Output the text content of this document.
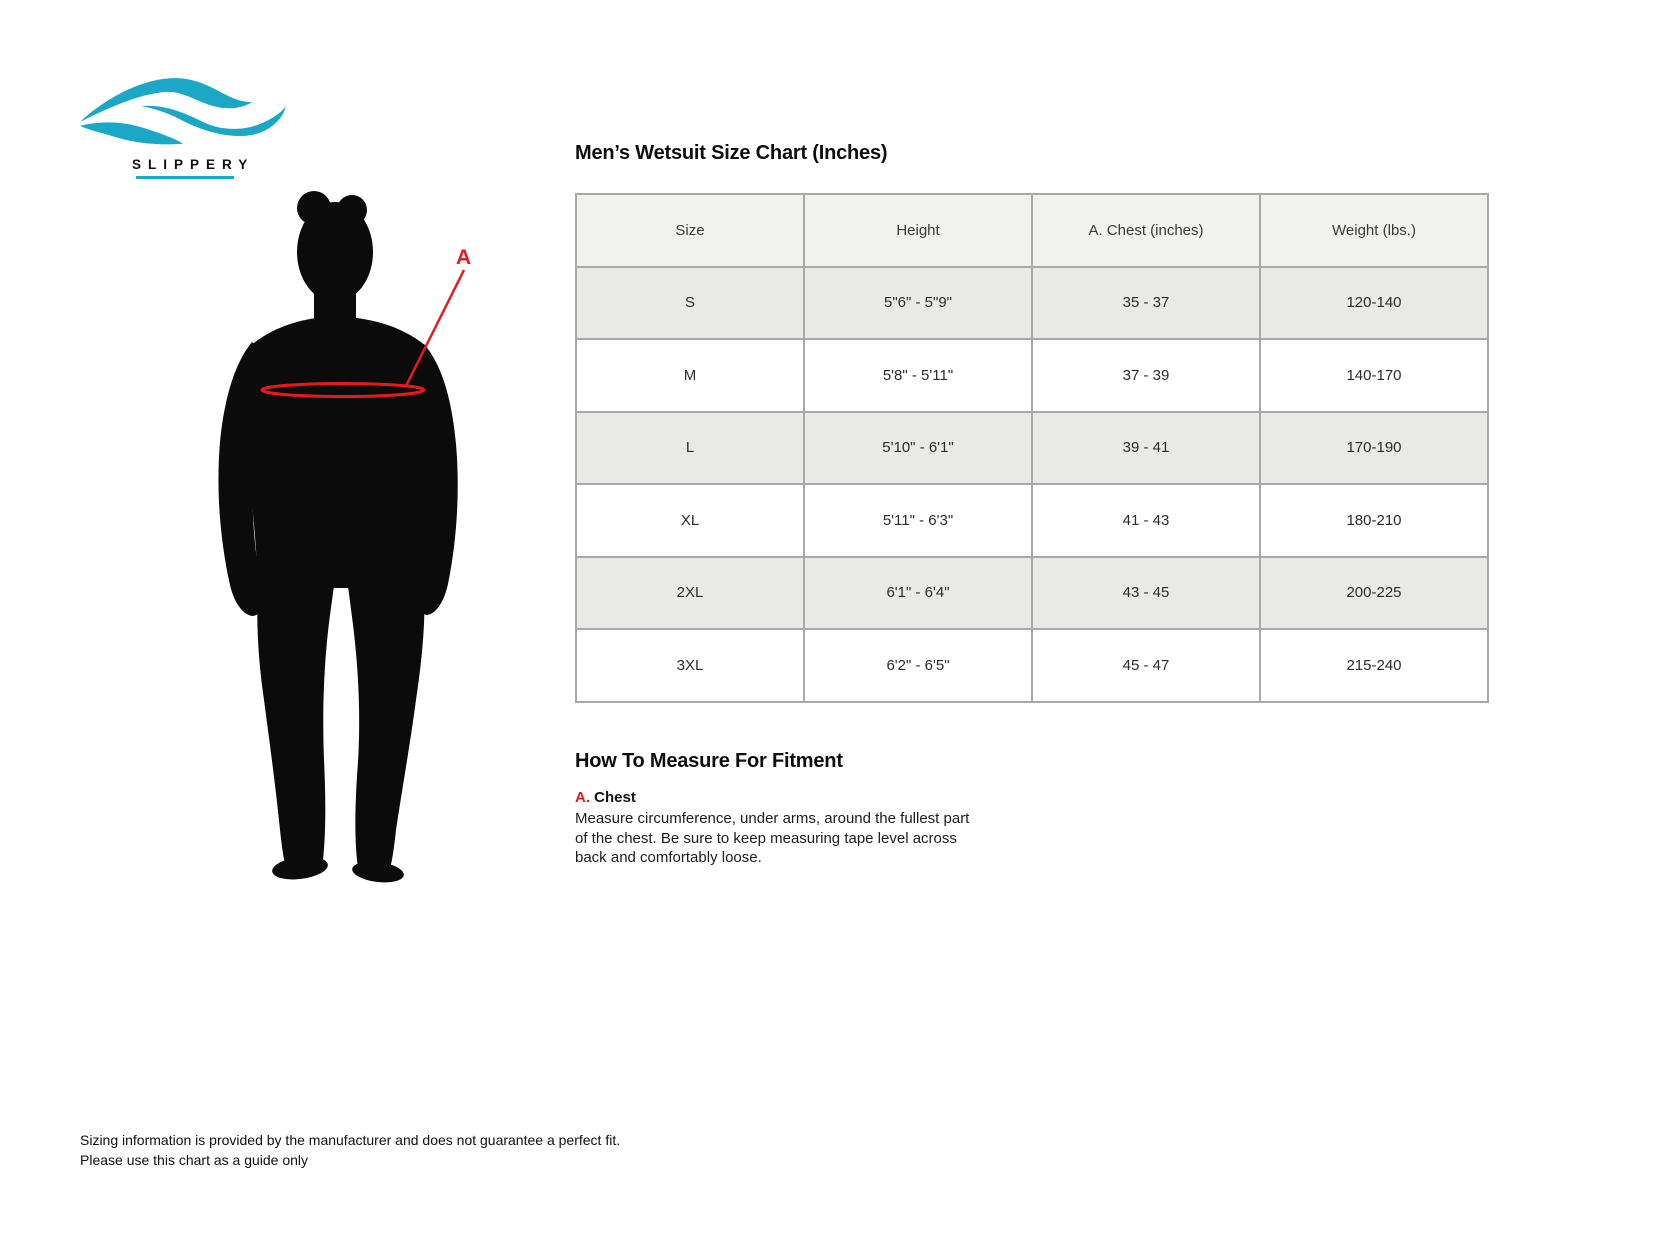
SLIPPERY
A
Men’s Wetsuit Size Chart (Inches)
Size	Height	A. Chest (inches)	Weight (lbs.)
S	5"6" - 5"9"	35 - 37	120-140
M	5'8" - 5'11"	37 - 39	140-170
L	5'10" - 6'1"	39 - 41	170-190
XL	5'11" - 6'3"	41 - 43	180-210
2XL	6'1" - 6'4"	43 - 45	200-225
3XL	6'2" - 6'5"	45 - 47	215-240
How To Measure For Fitment
A. Chest
Measure circumference, under arms, around the fullest part of the chest. Be sure to keep measuring tape level across back and comfortably loose.
Sizing information is provided by the manufacturer and does not guarantee a perfect fit.
Please use this chart as a guide only
